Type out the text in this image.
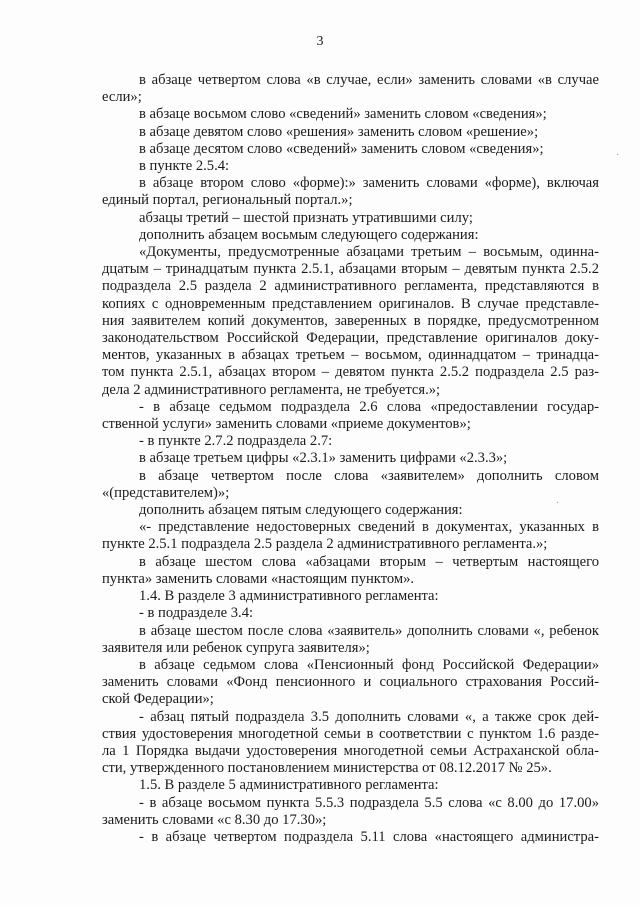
3
в абзаце четвертом слова «в случае, если» заменить словами «в случае
если»;
в абзаце восьмом слово «сведений» заменить словом «сведения»;
в абзаце девятом слово «решения» заменить словом «решение»;
в абзаце десятом слово «сведений» заменить словом «сведения»;
в пункте 2.5.4:
в абзаце втором слово «форме):» заменить словами «форме), включая
единый портал, региональный портал.»;
абзацы третий – шестой признать утратившими силу;
дополнить абзацем восьмым следующего содержания:
«Документы, предусмотренные абзацами третьим – восьмым, одинна-
дцатым – тринадцатым пункта 2.5.1, абзацами вторым – девятым пункта 2.5.2
подраздела 2.5 раздела 2 административного регламента, представляются в
копиях с одновременным представлением оригиналов. В случае представле-
ния заявителем копий документов, заверенных в порядке, предусмотренном
законодательством Российской Федерации, представление оригиналов доку-
ментов, указанных в абзацах третьем – восьмом, одиннадцатом – тринадца-
том пункта 2.5.1, абзацах втором – девятом пункта 2.5.2 подраздела 2.5 раз-
дела 2 административного регламента, не требуется.»;
- в абзаце седьмом подраздела 2.6 слова «предоставлении государ-
ственной услуги» заменить словами «приеме документов»;
- в пункте 2.7.2 подраздела 2.7:
в абзаце третьем цифры «2.3.1» заменить цифрами «2.3.3»;
в абзаце четвертом после слова «заявителем» дополнить словом
«(представителем)»;
дополнить абзацем пятым следующего содержания:
«- представление недостоверных сведений в документах, указанных в
пункте 2.5.1 подраздела 2.5 раздела 2 административного регламента.»;
в абзаце шестом слова «абзацами вторым – четвертым настоящего
пункта» заменить словами «настоящим пунктом».
1.4. В разделе 3 административного регламента:
- в подразделе 3.4:
в абзаце шестом после слова «заявитель» дополнить словами «, ребенок
заявителя или ребенок супруга заявителя»;
в абзаце седьмом слова «Пенсионный фонд Российской Федерации»
заменить словами «Фонд пенсионного и социального страхования Россий-
ской Федерации»;
- абзац пятый подраздела 3.5 дополнить словами «, а также срок дей-
ствия удостоверения многодетной семьи в соответствии с пунктом 1.6 разде-
ла 1 Порядка выдачи удостоверения многодетной семьи Астраханской обла-
сти, утвержденного постановлением министерства от 08.12.2017 № 25».
1.5. В разделе 5 административного регламента:
- в абзаце восьмом пункта 5.5.3 подраздела 5.5 слова «с 8.00 до 17.00»
заменить словами «с 8.30 до 17.30»;
- в абзаце четвертом подраздела 5.11 слова «настоящего администра-
·
·
